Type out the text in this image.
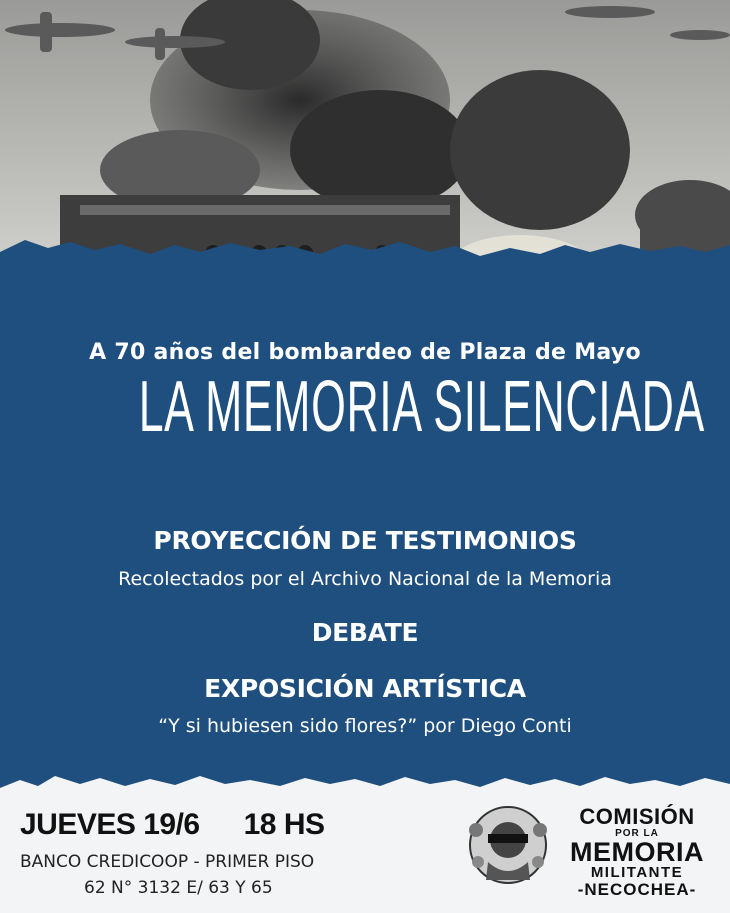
A 70 años del bombardeo de Plaza de Mayo
LA MEMORIA SILENCIADA
PROYECCIÓN DE TESTIMONIOS
Recolectados por el Archivo Nacional de la Memoria
DEBATE
EXPOSICIÓN ARTÍSTICA
“Y si hubiesen sido flores?” por Diego Conti
JUEVES 19/6 18 HS
BANCO CREDICOOP - PRIMER PISO
62 N° 3132 E/ 63 Y 65
COMISIÓN
POR LA
MEMORIA
MILITANTE
-NECOCHEA-
